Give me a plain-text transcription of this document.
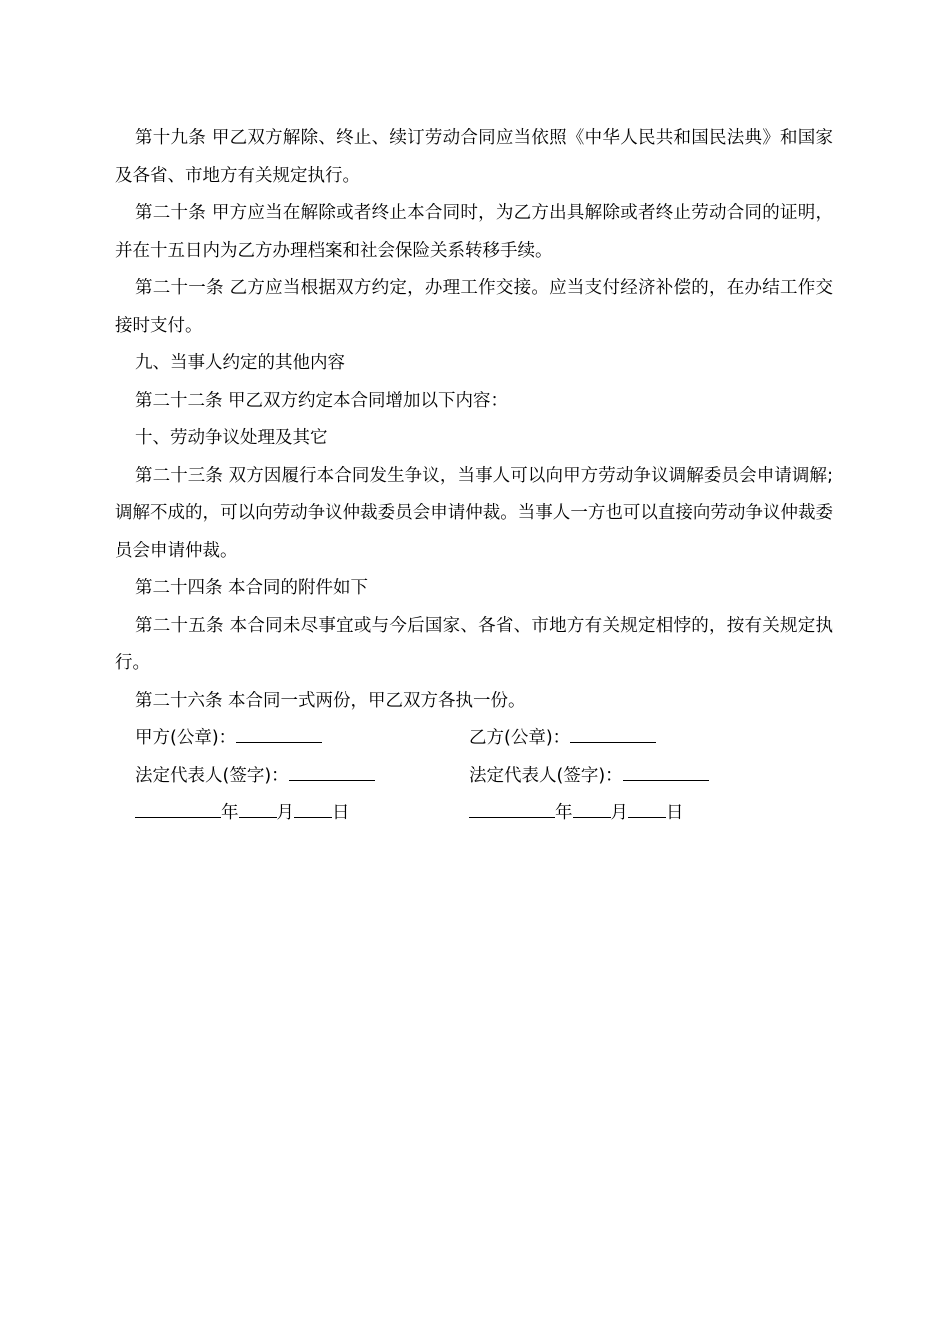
第十九条 甲乙双方解除、终止、续订劳动合同应当依照《中华人民共和国民法典》和国家及各省、市地方有关规定执行。

第二十条 甲方应当在解除或者终止本合同时，为乙方出具解除或者终止劳动合同的证明，并在十五日内为乙方办理档案和社会保险关系转移手续。

第二十一条 乙方应当根据双方约定，办理工作交接。应当支付经济补偿的，在办结工作交接时支付。

九、当事人约定的其他内容

第二十二条 甲乙双方约定本合同增加以下内容：

十、劳动争议处理及其它

第二十三条 双方因履行本合同发生争议，当事人可以向甲方劳动争议调解委员会申请调解;调解不成的，可以向劳动争议仲裁委员会申请仲裁。当事人一方也可以直接向劳动争议仲裁委员会申请仲裁。

第二十四条 本合同的附件如下

第二十五条 本合同未尽事宜或与今后国家、各省、市地方有关规定相悖的，按有关规定执行。

第二十六条 本合同一式两份，甲乙双方各执一份。

甲方(公章)：	乙方(公章)：
法定代表人(签字)：	法定代表人(签字)：
年 月 日	年 月 日
